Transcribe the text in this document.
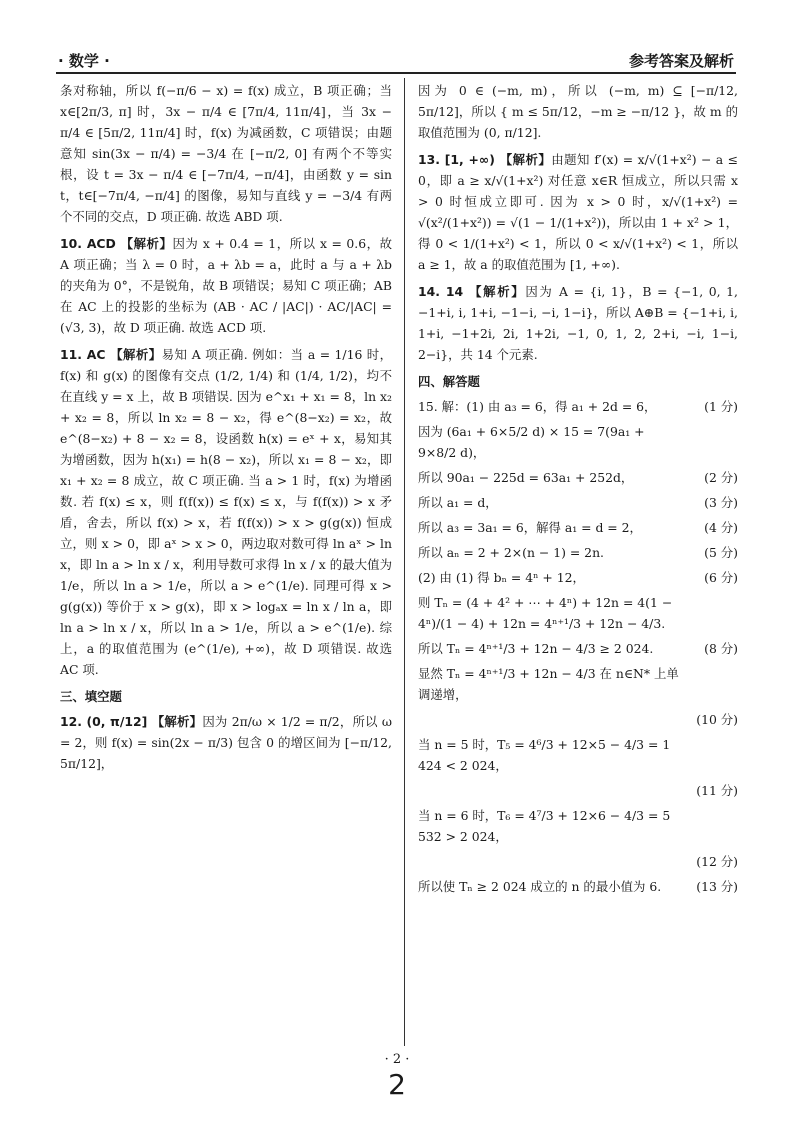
· 数学 ·	参考答案及解析

条对称轴，所以 f(−π/6 − x) = f(x) 成立，B 项正确；当 x∈[2π/3, π] 时，3x − π/4 ∈ [7π/4, 11π/4]，当 3x − π/4 ∈ [5π/2, 11π/4] 时，f(x) 为减函数，C 项错误；由题意知 sin(3x − π/4) = −3/4 在 [−π/2, 0] 有两个不等实根，设 t = 3x − π/4 ∈ [−7π/4, −π/4]，由函数 y = sin t，t∈[−7π/4, −π/4] 的图像，易知与直线 y = −3/4 有两个不同的交点，D 项正确. 故选 ABD 项.

10. ACD 【解析】因为 x + 0.4 = 1，所以 x = 0.6，故 A 项正确；当 λ = 0 时，a + λb = a，此时 a 与 a + λb 的夹角为 0°，不是锐角，故 B 项错误；易知 C 项正确；AB 在 AC 上的投影的坐标为 (AB · AC / |AC|) · AC/|AC| = (√3, 3)，故 D 项正确. 故选 ACD 项.

11. AC 【解析】易知 A 项正确. 例如：当 a = 1/16 时，f(x) 和 g(x) 的图像有交点 (1/2, 1/4) 和 (1/4, 1/2)，均不在直线 y = x 上，故 B 项错误. 因为 e^x₁ + x₁ = 8，ln x₂ + x₂ = 8，所以 ln x₂ = 8 − x₂，得 e^(8−x₂) = x₂，故 e^(8−x₂) + 8 − x₂ = 8，设函数 h(x) = eˣ + x，易知其为增函数，因为 h(x₁) = h(8 − x₂)，所以 x₁ = 8 − x₂，即 x₁ + x₂ = 8 成立，故 C 项正确. 当 a > 1 时，f(x) 为增函数. 若 f(x) ≤ x，则 f(f(x)) ≤ f(x) ≤ x，与 f(f(x)) > x 矛盾，舍去，所以 f(x) > x，若 f(f(x)) > x > g(g(x)) 恒成立，则 x > 0，即 aˣ > x > 0，两边取对数可得 ln aˣ > ln x，即 ln a > ln x / x，利用导数可求得 ln x / x 的最大值为 1/e，所以 ln a > 1/e，所以 a > e^(1/e). 同理可得 x > g(g(x)) 等价于 x > g(x)，即 x > logₐx = ln x / ln a，即 ln a > ln x / x，所以 ln a > 1/e，所以 a > e^(1/e). 综上，a 的取值范围为 (e^(1/e), +∞)，故 D 项错误. 故选 AC 项.

三、填空题

12. (0, π/12] 【解析】因为 2π/ω × 1/2 = π/2，所以 ω = 2，则 f(x) = sin(2x − π/3) 包含 0 的增区间为 [−π/12, 5π/12]，

因为 0 ∈ (−m, m)，所以 (−m, m) ⊆ [−π/12, 5π/12]，所以 { m ≤ 5π/12，−m ≥ −π/12 }，故 m 的取值范围为 (0, π/12].

13. [1, +∞) 【解析】由题知 f′(x) = x/√(1+x²) − a ≤ 0，即 a ≥ x/√(1+x²) 对任意 x∈R 恒成立，所以只需 x > 0 时恒成立即可. 因为 x > 0 时，x/√(1+x²) = √(x²/(1+x²)) = √(1 − 1/(1+x²))，所以由 1 + x² > 1，得 0 < 1/(1+x²) < 1，所以 0 < x/√(1+x²) < 1，所以 a ≥ 1，故 a 的取值范围为 [1, +∞).

14. 14 【解析】因为 A = {i, 1}，B = {−1, 0, 1, −1+i, i, 1+i, −1−i, −i, 1−i}，所以 A⊕B = {−1+i, i, 1+i, −1+2i, 2i, 1+2i, −1, 0, 1, 2, 2+i, −i, 1−i, 2−i}，共 14 个元素.

四、解答题
15. 解：(1) 由 a₃ = 6，得 a₁ + 2d = 6，	(1 分)
因为 (6a₁ + 6×5/2 d) × 15 = 7(9a₁ + 9×8/2 d)，
所以 90a₁ − 225d = 63a₁ + 252d，	(2 分)
所以 a₁ = d，	(3 分)
所以 a₃ = 3a₁ = 6，解得 a₁ = d = 2，	(4 分)
所以 aₙ = 2 + 2×(n − 1) = 2n.	(5 分)
(2) 由 (1) 得 bₙ = 4ⁿ + 12，	(6 分)
则 Tₙ = (4 + 4² + ⋯ + 4ⁿ) + 12n = 4(1 − 4ⁿ)/(1 − 4) + 12n = 4ⁿ⁺¹/3 + 12n − 4/3.
所以 Tₙ = 4ⁿ⁺¹/3 + 12n − 4/3 ≥ 2 024.	(8 分)
显然 Tₙ = 4ⁿ⁺¹/3 + 12n − 4/3 在 n∈N* 上单调递增，
(10 分)
当 n = 5 时，T₅ = 4⁶/3 + 12×5 − 4/3 = 1 424 < 2 024，
(11 分)
当 n = 6 时，T₆ = 4⁷/3 + 12×6 − 4/3 = 5 532 > 2 024，
(12 分)
所以使 Tₙ ≥ 2 024 成立的 n 的最小值为 6.	(13 分)
· 2 ·
2
